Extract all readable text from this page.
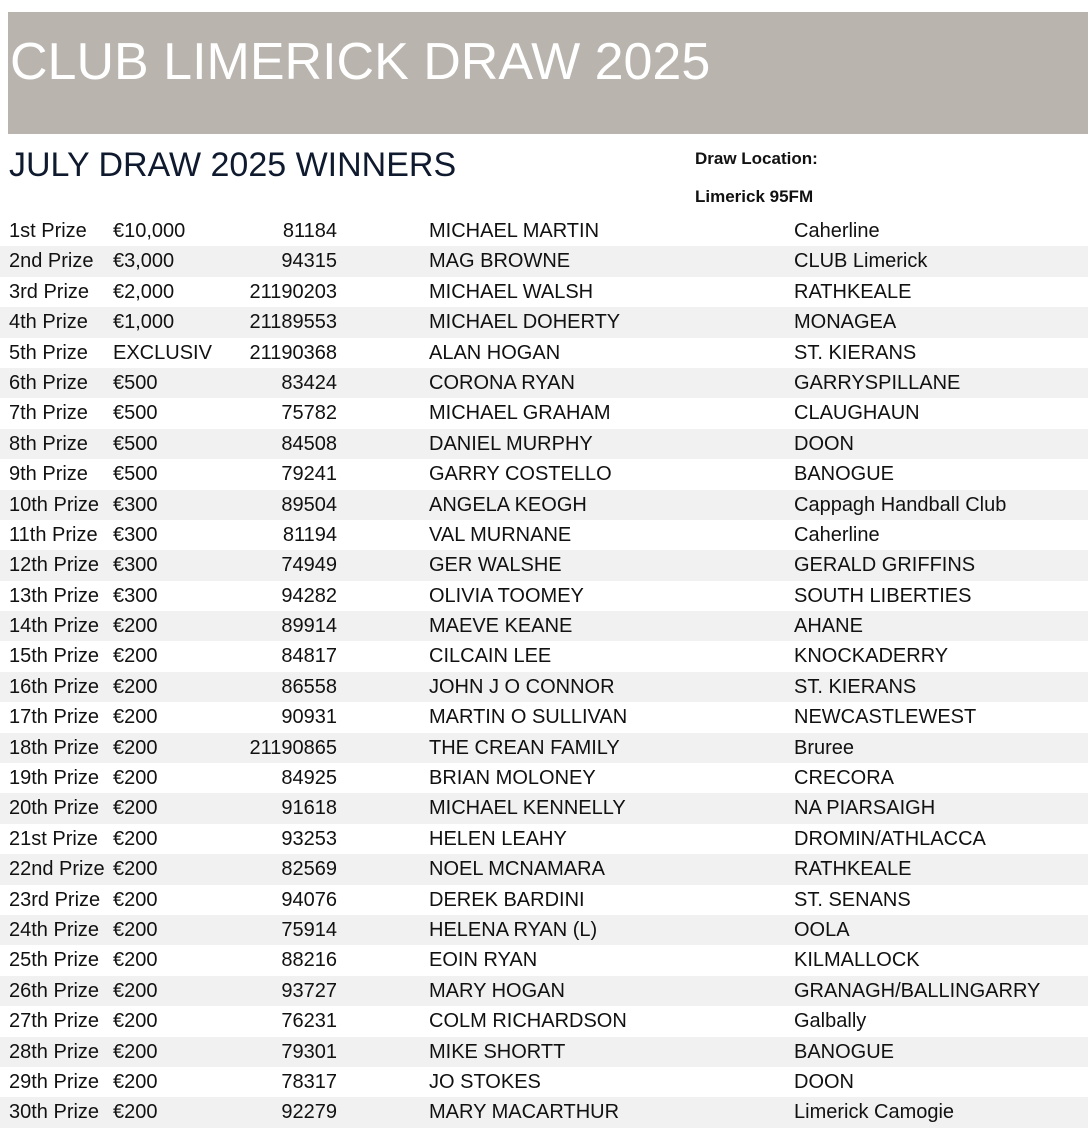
CLUB LIMERICK DRAW 2025
JULY DRAW 2025 WINNERS	Draw Location:
Limerick 95FM
1st Prize €10,000	81184	MICHAEL MARTIN	Caherline
2nd Prize €3,000	94315	MAG BROWNE	CLUB Limerick
3rd Prize €2,000	21190203	MICHAEL WALSH	RATHKEALE
4th Prize €1,000	21189553	MICHAEL DOHERTY	MONAGEA
5th Prize EXCLUSIV	21190368	ALAN HOGAN	ST. KIERANS
6th Prize €500	83424	CORONA RYAN	GARRYSPILLANE
7th Prize €500	75782	MICHAEL GRAHAM	CLAUGHAUN
8th Prize €500	84508	DANIEL MURPHY	DOON
9th Prize €500	79241	GARRY COSTELLO	BANOGUE
10th Prize €300	89504	ANGELA KEOGH	Cappagh Handball Club
11th Prize €300	81194	VAL MURNANE	Caherline
12th Prize €300	74949	GER WALSHE	GERALD GRIFFINS
13th Prize €300	94282	OLIVIA TOOMEY	SOUTH LIBERTIES
14th Prize €200	89914	MAEVE KEANE	AHANE
15th Prize €200	84817	CILCAIN LEE	KNOCKADERRY
16th Prize €200	86558	JOHN J O CONNOR	ST. KIERANS
17th Prize €200	90931	MARTIN O SULLIVAN	NEWCASTLEWEST
18th Prize €200	21190865	THE CREAN FAMILY	Bruree
19th Prize €200	84925	BRIAN MOLONEY	CRECORA
20th Prize €200	91618	MICHAEL KENNELLY	NA PIARSAIGH
21st Prize €200	93253	HELEN LEAHY	DROMIN/ATHLACCA
22nd Prize €200	82569	NOEL MCNAMARA	RATHKEALE
23rd Prize €200	94076	DEREK BARDINI	ST. SENANS
24th Prize €200	75914	HELENA RYAN (L)	OOLA
25th Prize €200	88216	EOIN RYAN	KILMALLOCK
26th Prize €200	93727	MARY HOGAN	GRANAGH/BALLINGARRY
27th Prize €200	76231	COLM RICHARDSON	Galbally
28th Prize €200	79301	MIKE SHORTT	BANOGUE
29th Prize €200	78317	JO STOKES	DOON
30th Prize €200	92279	MARY MACARTHUR	Limerick Camogie
